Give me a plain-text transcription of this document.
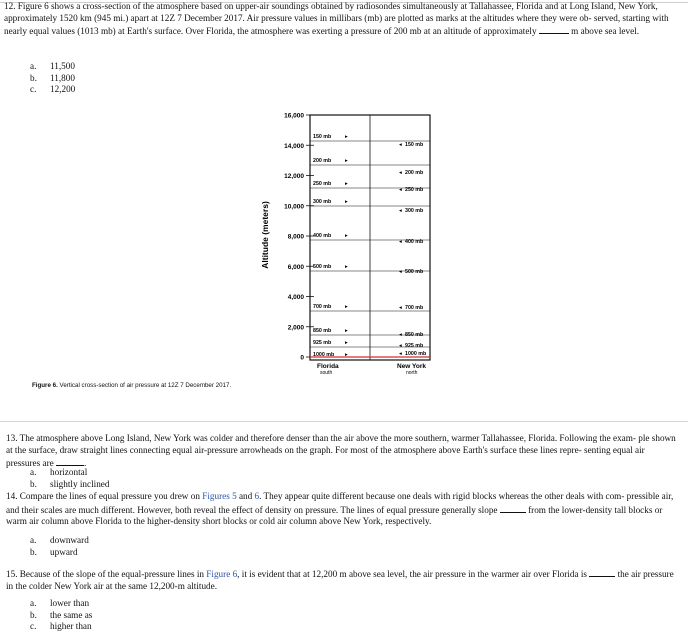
12. Figure 6 shows a cross-section of the atmosphere based on upper-air soundings obtained by radiosondes simultaneously at Tallahassee, Florida and at Long Island, New York, approximately 1520 km (945 mi.) apart at 12Z 7 December 2017. Air pressure values in millibars (mb) are plotted as marks at the altitudes where they were ob- served, starting with nearly equal values (1013 mb) at Earth's surface. Over Florida, the atmosphere was exerting a pressure of 200 mb at an altitude of approximately	m above sea level.
a.	11,500
b.	11,800
c.	12,200
Altitude (meters)
16,000
14,000
12,000
10,000
8,000
6,000
4,000
2,000
0
150 mb	▸
200 mb	▸
250 mb	▸
300 mb	▸
400 mb	▸
500 mb	▸
700 mb	▸
850 mb	▸
925 mb	▸
1000 mb ▸
◂ 150 mb
◂ 200 mb
◂ 250 mb
◂ 300 mb
◂ 400 mb
◂ 500 mb
◂ 700 mb
◂ 850 mb
◂ 925 mb
◂ 1000 mb
Florida
south
New York
north
Figure 6. Vertical cross-section of air pressure at 12Z 7 December 2017.
13. The atmosphere above Long Island, New York was colder and therefore denser than the air above the more southern, warmer Tallahassee, Florida. Following the exam- ple shown at the surface, draw straight lines connecting equal air-pressure arrowheads on the graph. For most of the atmosphere above Earth's surface these lines repre- senting equal air pressures are	.
a.	horizontal
b.	slightly inclined
14. Compare the lines of equal pressure you drew on Figures 5 and 6. They appear quite different because one deals with rigid blocks whereas the other deals with com- pressible air, and their scales are much different. However, both reveal the effect of density on pressure. The lines of equal pressure generally slope	from the lower-density tall blocks or warm air column above Florida to the higher-density short blocks or cold air column above New York, respectively.
a.	downward
b.	upward
15. Because of the slope of the equal-pressure lines in Figure 6, it is evident that at 12,200 m above sea level, the air pressure in the warmer air over Florida is	the air pressure in the colder New York air at the same 12,200-m altitude.
a.	lower than
b.	the same as
c.	higher than
